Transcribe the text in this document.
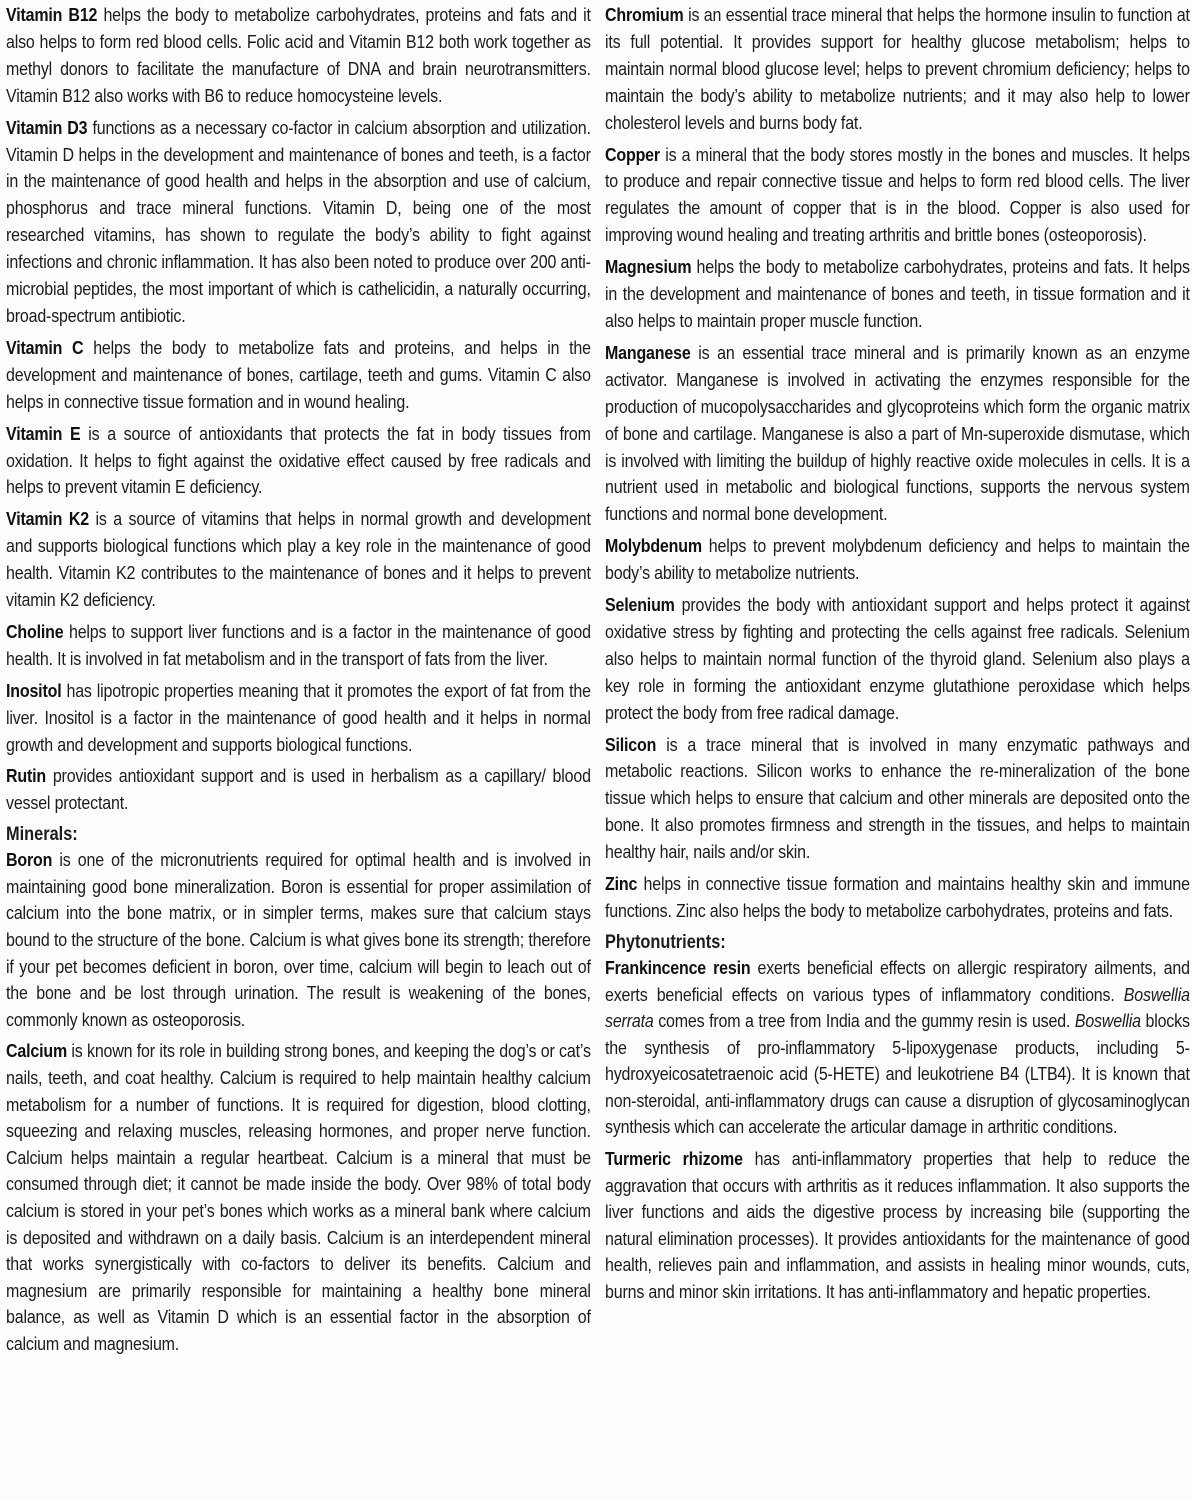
Vitamin B12 helps the body to metabolize carbohydrates, proteins and fats and it also helps to form red blood cells. Folic acid and Vitamin B12 both work together as methyl donors to facilitate the manufacture of DNA and brain neurotransmitters. Vitamin B12 also works with B6 to reduce homocysteine levels.

Vitamin D3 functions as a necessary co-factor in calcium absorption and utilization. Vitamin D helps in the development and maintenance of bones and teeth, is a factor in the maintenance of good health and helps in the absorption and use of calcium, phosphorus and trace mineral functions. Vitamin D, being one of the most researched vitamins, has shown to regulate the body’s ability to fight against infections and chronic inflammation. It has also been noted to produce over 200 anti-microbial peptides, the most important of which is cathelicidin, a naturally occurring, broad-spectrum antibiotic.

Vitamin C helps the body to metabolize fats and proteins, and helps in the development and maintenance of bones, cartilage, teeth and gums. Vitamin C also helps in connective tissue formation and in wound healing.

Vitamin E is a source of antioxidants that protects the fat in body tissues from oxidation. It helps to fight against the oxidative effect caused by free radicals and helps to prevent vitamin E deficiency.

Vitamin K2 is a source of vitamins that helps in normal growth and development and supports biological functions which play a key role in the maintenance of good health. Vitamin K2 contributes to the maintenance of bones and it helps to prevent vitamin K2 deficiency.

Choline helps to support liver functions and is a factor in the maintenance of good health. It is involved in fat metabolism and in the transport of fats from the liver.

Inositol has lipotropic properties meaning that it promotes the export of fat from the liver. Inositol is a factor in the maintenance of good health and it helps in normal growth and development and supports biological functions.

Rutin provides antioxidant support and is used in herbalism as a capillary/ blood vessel protectant.

Minerals:

Boron is one of the micronutrients required for optimal health and is involved in maintaining good bone mineralization. Boron is essential for proper assimilation of calcium into the bone matrix, or in simpler terms, makes sure that calcium stays bound to the structure of the bone. Calcium is what gives bone its strength; therefore if your pet becomes deficient in boron, over time, calcium will begin to leach out of the bone and be lost through urination. The result is weakening of the bones, commonly known as osteoporosis.

Calcium is known for its role in building strong bones, and keeping the dog’s or cat’s nails, teeth, and coat healthy. Calcium is required to help maintain healthy calcium metabolism for a number of functions. It is required for digestion, blood clotting, squeezing and relaxing muscles, releasing hormones, and proper nerve function. Calcium helps maintain a regular heartbeat. Calcium is a mineral that must be consumed through diet; it cannot be made inside the body. Over 98% of total body calcium is stored in your pet’s bones which works as a mineral bank where calcium is deposited and withdrawn on a daily basis. Calcium is an interdependent mineral that works synergistically with co-factors to deliver its benefits. Calcium and magnesium are primarily responsible for maintaining a healthy bone mineral balance, as well as Vitamin D which is an essential factor in the absorption of calcium and magnesium.

Chromium is an essential trace mineral that helps the hormone insulin to function at its full potential. It provides support for healthy glucose metabolism; helps to maintain normal blood glucose level; helps to prevent chromium deficiency; helps to maintain the body’s ability to metabolize nutrients; and it may also help to lower cholesterol levels and burns body fat.

Copper is a mineral that the body stores mostly in the bones and muscles. It helps to produce and repair connective tissue and helps to form red blood cells. The liver regulates the amount of copper that is in the blood. Copper is also used for improving wound healing and treating arthritis and brittle bones (osteoporosis).

Magnesium helps the body to metabolize carbohydrates, proteins and fats. It helps in the development and maintenance of bones and teeth, in tissue formation and it also helps to maintain proper muscle function.

Manganese is an essential trace mineral and is primarily known as an enzyme activator. Manganese is involved in activating the enzymes responsible for the production of mucopolysaccharides and glycoproteins which form the organic matrix of bone and cartilage. Manganese is also a part of Mn-superoxide dismutase, which is involved with limiting the buildup of highly reactive oxide molecules in cells. It is a nutrient used in metabolic and biological functions, supports the nervous system functions and normal bone development.

Molybdenum helps to prevent molybdenum deficiency and helps to maintain the body’s ability to metabolize nutrients.

Selenium provides the body with antioxidant support and helps protect it against oxidative stress by fighting and protecting the cells against free radicals. Selenium also helps to maintain normal function of the thyroid gland. Selenium also plays a key role in forming the antioxidant enzyme glutathione peroxidase which helps protect the body from free radical damage.

Silicon is a trace mineral that is involved in many enzymatic pathways and metabolic reactions. Silicon works to enhance the re-mineralization of the bone tissue which helps to ensure that calcium and other minerals are deposited onto the bone. It also promotes firmness and strength in the tissues, and helps to maintain healthy hair, nails and/or skin.

Zinc helps in connective tissue formation and maintains healthy skin and immune functions. Zinc also helps the body to metabolize carbohydrates, proteins and fats.

Phytonutrients:

Frankincence resin exerts beneficial effects on allergic respiratory ailments, and exerts beneficial effects on various types of inflammatory conditions. Boswellia serrata comes from a tree from India and the gummy resin is used. Boswellia blocks the synthesis of pro-inflammatory 5-lipoxygenase products, including 5-hydroxyeicosatetraenoic acid (5-HETE) and leukotriene B4 (LTB4). It is known that non-steroidal, anti-inflammatory drugs can cause a disruption of glycosaminoglycan synthesis which can accelerate the articular damage in arthritic conditions.

Turmeric rhizome has anti-inflammatory properties that help to reduce the aggravation that occurs with arthritis as it reduces inflammation. It also supports the liver functions and aids the digestive process by increasing bile (supporting the natural elimination processes). It provides antioxidants for the maintenance of good health, relieves pain and inflammation, and assists in healing minor wounds, cuts, burns and minor skin irritations. It has anti-inflammatory and hepatic properties.
